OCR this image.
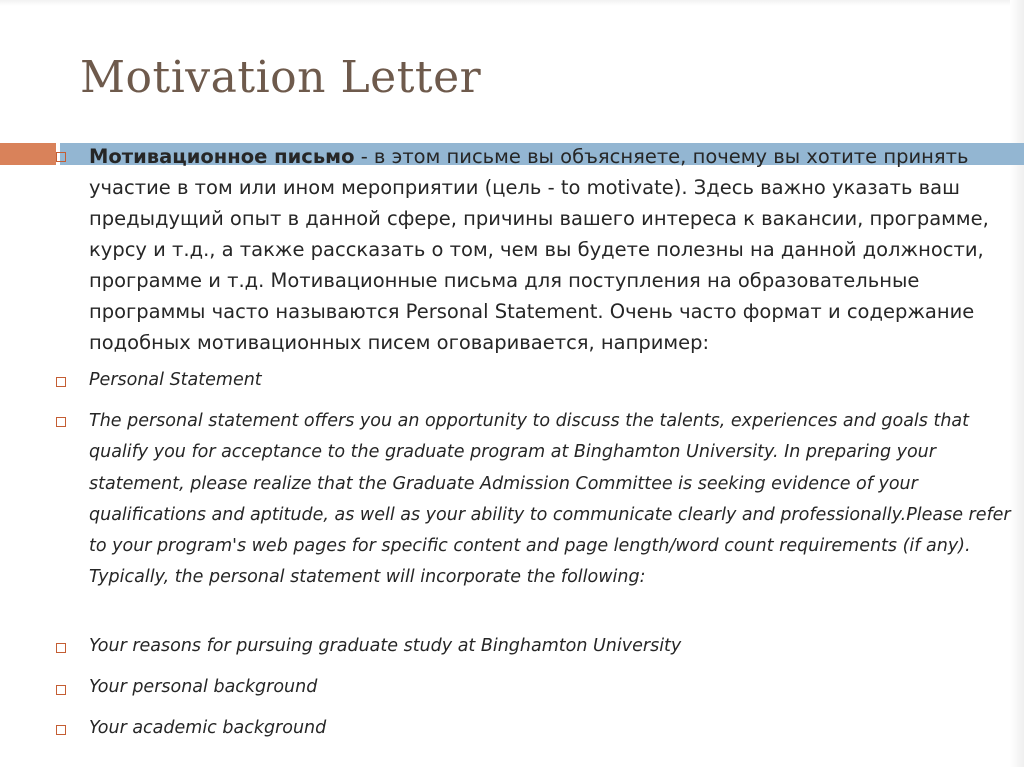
Motivation Letter

Мотивационное письмо - в этом письме вы объясняете, почему вы хотите принять участие в том или ином мероприятии (цель - to motivate). Здесь важно указать ваш предыдущий опыт в данной сфере, причины вашего интереса к вакансии, программе, курсу и т.д., а также рассказать о том, чем вы будете полезны на данной должности, программе и т.д. Мотивационные письма для поступления на образовательные программы часто называются Personal Statement. Очень часто формат и содержание подобных мотивационных писем оговаривается, например:

Personal Statement

The personal statement offers you an opportunity to discuss the talents, experiences and goals that qualify you for acceptance to the graduate program at Binghamton University. In preparing your statement, please realize that the Graduate Admission Committee is seeking evidence of your qualifications and aptitude, as well as your ability to communicate clearly and professionally.Please refer to your program's web pages for specific content and page length/word count requirements (if any). Typically, the personal statement will incorporate the following:

Your reasons for pursuing graduate study at Binghamton University

Your personal background

Your academic background
